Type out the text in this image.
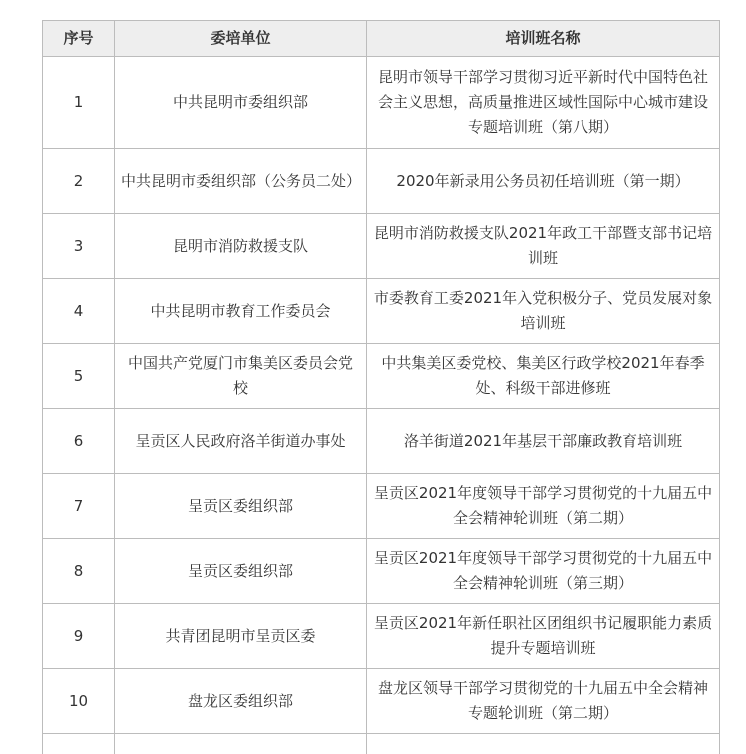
序号	委培单位	培训班名称
1	中共昆明市委组织部	昆明市领导干部学习贯彻习近平新时代中国特色社会主义思想，高质量推进区域性国际中心城市建设专题培训班（第八期）
2	中共昆明市委组织部（公务员二处）	2020年新录用公务员初任培训班（第一期）
3	昆明市消防救援支队	昆明市消防救援支队2021年政工干部暨支部书记培训班
4	中共昆明市教育工作委员会	市委教育工委2021年入党积极分子、党员发展对象培训班
5	中国共产党厦门市集美区委员会党校	中共集美区委党校、集美区行政学校2021年春季处、科级干部进修班
6	呈贡区人民政府洛羊街道办事处	洛羊街道2021年基层干部廉政教育培训班
7	呈贡区委组织部	呈贡区2021年度领导干部学习贯彻党的十九届五中全会精神轮训班（第二期）
8	呈贡区委组织部	呈贡区2021年度领导干部学习贯彻党的十九届五中全会精神轮训班（第三期）
9	共青团昆明市呈贡区委	呈贡区2021年新任职社区团组织书记履职能力素质提升专题培训班
10	盘龙区委组织部	盘龙区领导干部学习贯彻党的十九届五中全会精神专题轮训班（第二期）
